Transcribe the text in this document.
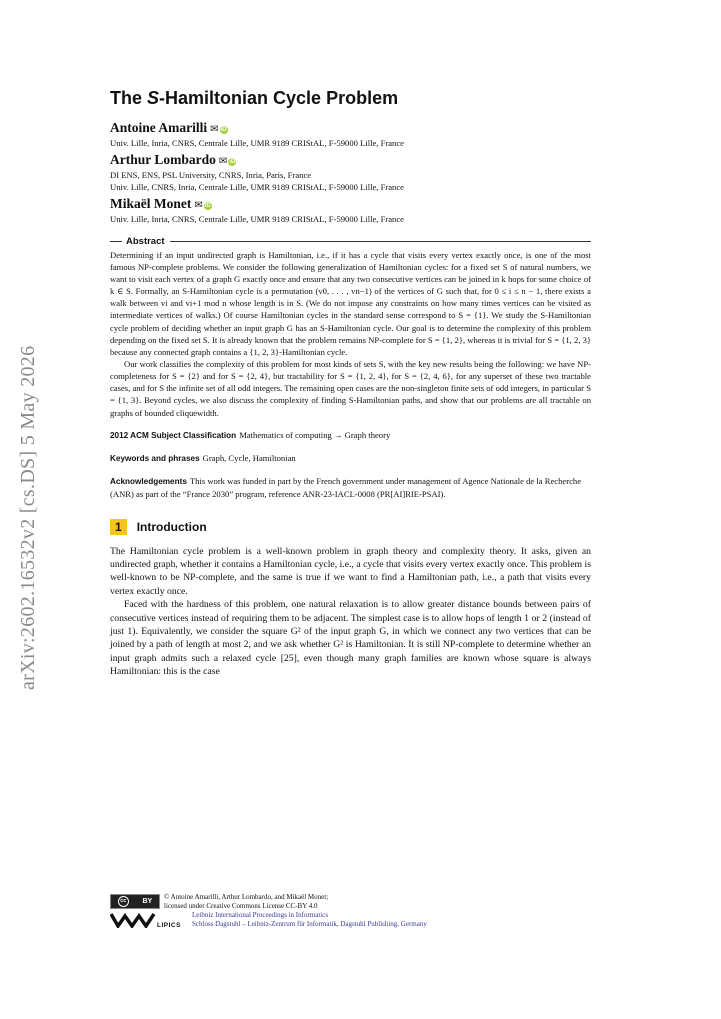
arXiv:2602.16532v2 [cs.DS] 5 May 2026
The S-Hamiltonian Cycle Problem
Antoine Amarilli ✉ iD
Univ. Lille, Inria, CNRS, Centrale Lille, UMR 9189 CRIStAL, F-59000 Lille, France
Arthur Lombardo ✉ iD
DI ENS, ENS, PSL University, CNRS, Inria, Paris, France
Univ. Lille, CNRS, Inria, Centrale Lille, UMR 9189 CRIStAL, F-59000 Lille, France
Mikaël Monet ✉ iD
Univ. Lille, Inria, CNRS, Centrale Lille, UMR 9189 CRIStAL, F-59000 Lille, France
Abstract

Determining if an input undirected graph is Hamiltonian, i.e., if it has a cycle that visits every vertex exactly once, is one of the most famous NP-complete problems. We consider the following generalization of Hamiltonian cycles: for a fixed set S of natural numbers, we want to visit each vertex of a graph G exactly once and ensure that any two consecutive vertices can be joined in k hops for some choice of k ∈ S. Formally, an S-Hamiltonian cycle is a permutation (v0, . . . , vn−1) of the vertices of G such that, for 0 ≤ i ≤ n − 1, there exists a walk between vi and vi+1 mod n whose length is in S. (We do not impose any constraints on how many times vertices can be visited as intermediate vertices of walks.) Of course Hamiltonian cycles in the standard sense correspond to S = {1}. We study the S-Hamiltonian cycle problem of deciding whether an input graph G has an S-Hamiltonian cycle. Our goal is to determine the complexity of this problem depending on the fixed set S. It is already known that the problem remains NP-complete for S = {1, 2}, whereas it is trivial for S = {1, 2, 3} because any connected graph contains a {1, 2, 3}-Hamiltonian cycle.

Our work classifies the complexity of this problem for most kinds of sets S, with the key new results being the following: we have NP-completeness for S = {2} and for S = {2, 4}, but tractability for S = {1, 2, 4}, for S = {2, 4, 6}, for any superset of these two tractable cases, and for S the infinite set of all odd integers. The remaining open cases are the non-singleton finite sets of odd integers, in particular S = {1, 3}. Beyond cycles, we also discuss the complexity of finding S-Hamiltonian paths, and show that our problems are all tractable on graphs of bounded cliquewidth.

2012 ACM Subject Classification Mathematics of computing → Graph theory
Keywords and phrases Graph, Cycle, Hamiltonian
Acknowledgements This work was funded in part by the French government under management of Agence Nationale de la Recherche (ANR) as part of the “France 2030” program, reference ANR-23-IACL-0008 (PR[AI]RIE-PSAI).
1	Introduction

The Hamiltonian cycle problem is a well-known problem in graph theory and complexity theory. It asks, given an undirected graph, whether it contains a Hamiltonian cycle, i.e., a cycle that visits every vertex exactly once. This problem is well-known to be NP-complete, and the same is true if we want to find a Hamiltonian path, i.e., a path that visits every vertex exactly once.

Faced with the hardness of this problem, one natural relaxation is to allow greater distance bounds between pairs of consecutive vertices instead of requiring them to be adjacent. The simplest case is to allow hops of length 1 or 2 (instead of just 1). Equivalently, we consider the square G² of the input graph G, in which we connect any two vertices that can be joined by a path of length at most 2, and we ask whether G² is Hamiltonian. It is still NP-complete to determine whether an input graph admits such a relaxed cycle [25], even though many graph families are known whose square is always Hamiltonian: this is the case

cc	BY
LIPICS
© Antoine Amarilli, Arthur Lombardo, and Mikaël Monet;
licensed under Creative Commons License CC-BY 4.0
Leibniz International Proceedings in Informatics
Schloss Dagstuhl – Leibniz-Zentrum für Informatik, Dagstuhl Publishing, Germany
